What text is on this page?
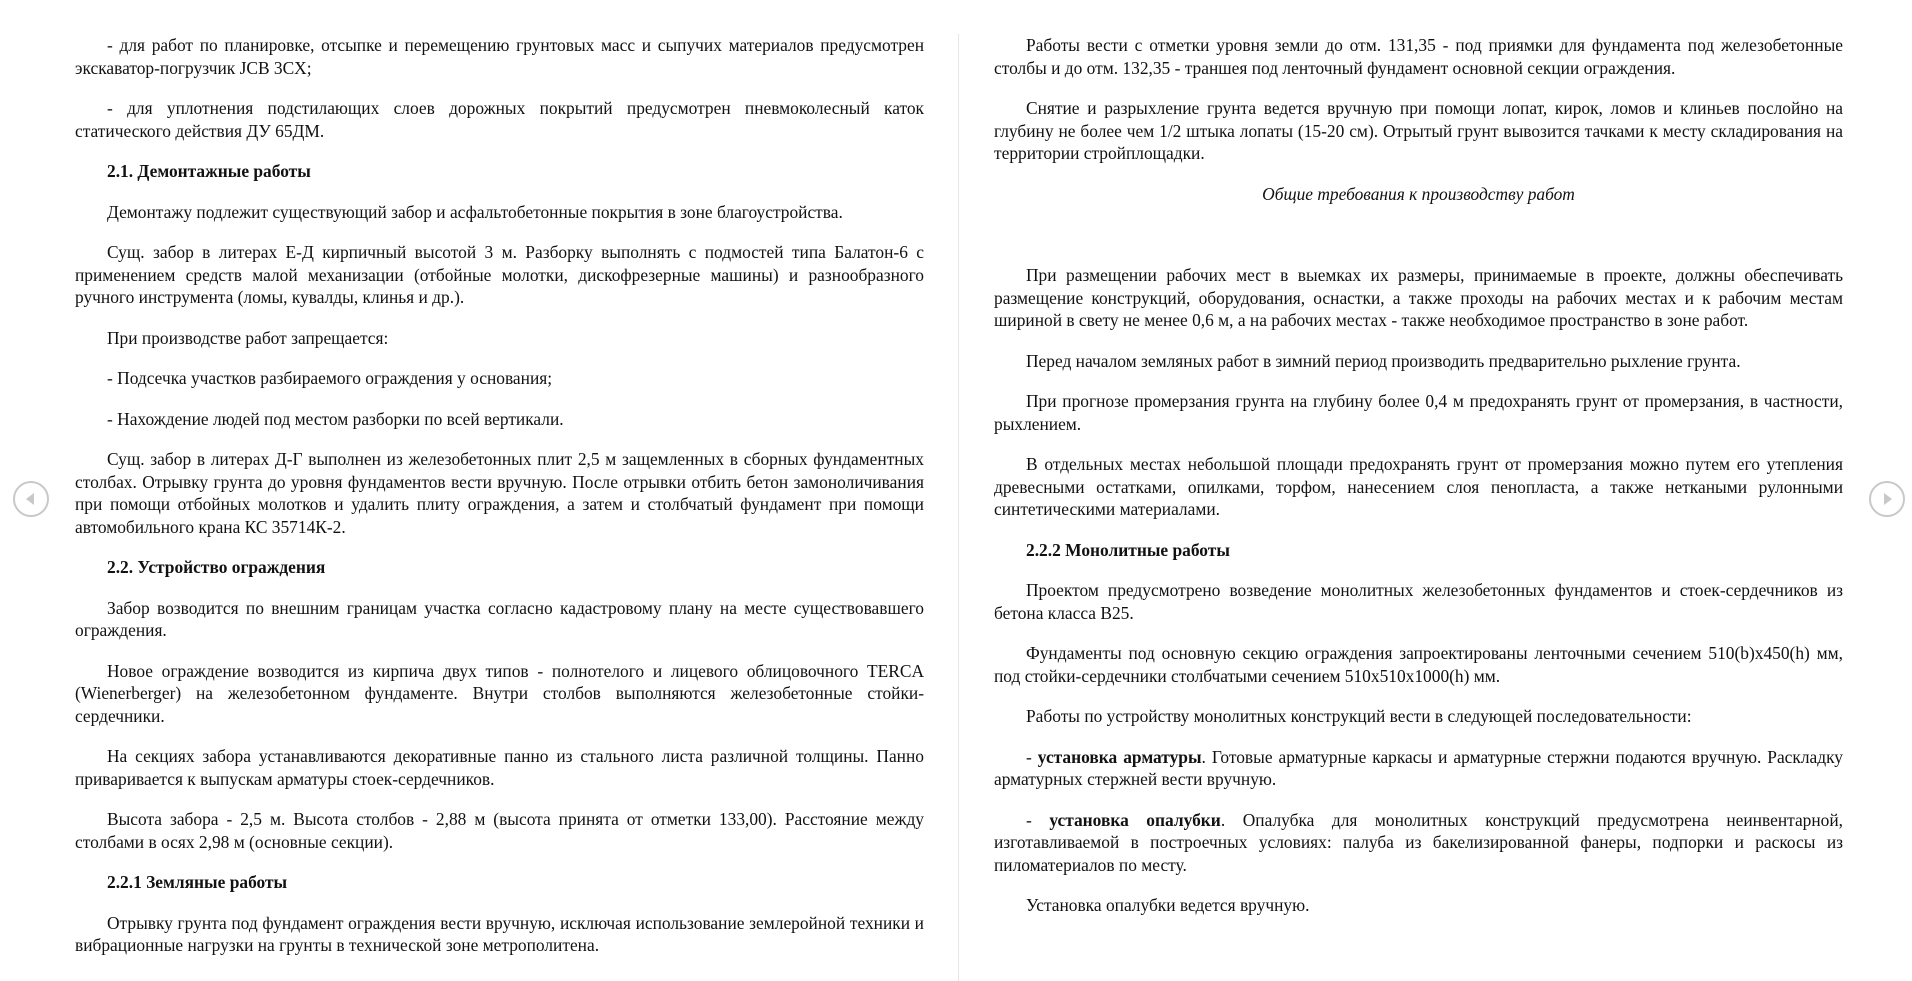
- для работ по планировке, отсыпке и перемещению грунтовых масс и сыпучих материалов предусмотрен экскаватор-погрузчик JCB 3CX;

- для уплотнения подстилающих слоев дорожных покрытий предусмотрен пневмоколесный каток статического действия ДУ 65ДМ.

2.1. Демонтажные работы

Демонтажу подлежит существующий забор и асфальтобетонные покрытия в зоне благоустройства.

Сущ. забор в литерах Е-Д кирпичный высотой 3 м. Разборку выполнять с подмостей типа Балатон-6 с применением средств малой механизации (отбойные молотки, дискофрезерные машины) и разнообразного ручного инструмента (ломы, кувалды, клинья и др.).

При производстве работ запрещается:

- Подсечка участков разбираемого ограждения у основания;

- Нахождение людей под местом разборки по всей вертикали.

Сущ. забор в литерах Д-Г выполнен из железобетонных плит 2,5 м защемленных в сборных фундаментных столбах. Отрывку грунта до уровня фундаментов вести вручную. После отрывки отбить бетон замоноличивания при помощи отбойных молотков и удалить плиту ограждения, а затем и столбчатый фундамент при помощи автомобильного крана КС 35714К-2.

2.2. Устройство ограждения

Забор возводится по внешним границам участка согласно кадастровому плану на месте существовавшего ограждения.

Новое ограждение возводится из кирпича двух типов - полнотелого и лицевого облицовочного TERCA (Wienerberger) на железобетонном фундаменте. Внутри столбов выполняются железобетонные стойки-сердечники.

На секциях забора устанавливаются декоративные панно из стального листа различной толщины. Панно приваривается к выпускам арматуры стоек-сердечников.

Высота забора - 2,5 м. Высота столбов - 2,88 м (высота принята от отметки 133,00). Расстояние между столбами в осях 2,98 м (основные секции).

2.2.1 Земляные работы

Отрывку грунта под фундамент ограждения вести вручную, исключая использование землеройной техники и вибрационные нагрузки на грунты в технической зоне метрополитена.

Работы вести с отметки уровня земли до отм. 131,35 - под приямки для фундамента под железобетонные столбы и до отм. 132,35 - траншея под ленточный фундамент основной секции ограждения.

Снятие и разрыхление грунта ведется вручную при помощи лопат, кирок, ломов и клиньев послойно на глубину не более чем 1/2 штыка лопаты (15-20 см). Отрытый грунт вывозится тачками к месту складирования на территории стройплощадки.

Общие требования к производству работ

При размещении рабочих мест в выемках их размеры, принимаемые в проекте, должны обеспечивать размещение конструкций, оборудования, оснастки, а также проходы на рабочих местах и к рабочим местам шириной в свету не менее 0,6 м, а на рабочих местах - также необходимое пространство в зоне работ.

Перед началом земляных работ в зимний период производить предварительно рыхление грунта.

При прогнозе промерзания грунта на глубину более 0,4 м предохранять грунт от промерзания, в частности, рыхлением.

В отдельных местах небольшой площади предохранять грунт от промерзания можно путем его утепления древесными остатками, опилками, торфом, нанесением слоя пенопласта, а также неткаными рулонными синтетическими материалами.

2.2.2 Монолитные работы

Проектом предусмотрено возведение монолитных железобетонных фундаментов и стоек-сердечников из бетона класса В25.

Фундаменты под основную секцию ограждения запроектированы ленточными сечением 510(b)x450(h) мм, под стойки-сердечники столбчатыми сечением 510x510x1000(h) мм.

Работы по устройству монолитных конструкций вести в следующей последовательности:

- установка арматуры. Готовые арматурные каркасы и арматурные стержни подаются вручную. Раскладку арматурных стержней вести вручную.

- установка опалубки. Опалубка для монолитных конструкций предусмотрена неинвентарной, изготавливаемой в построечных условиях: палуба из бакелизированной фанеры, подпорки и раскосы из пиломатериалов по месту.

Установка опалубки ведется вручную.
